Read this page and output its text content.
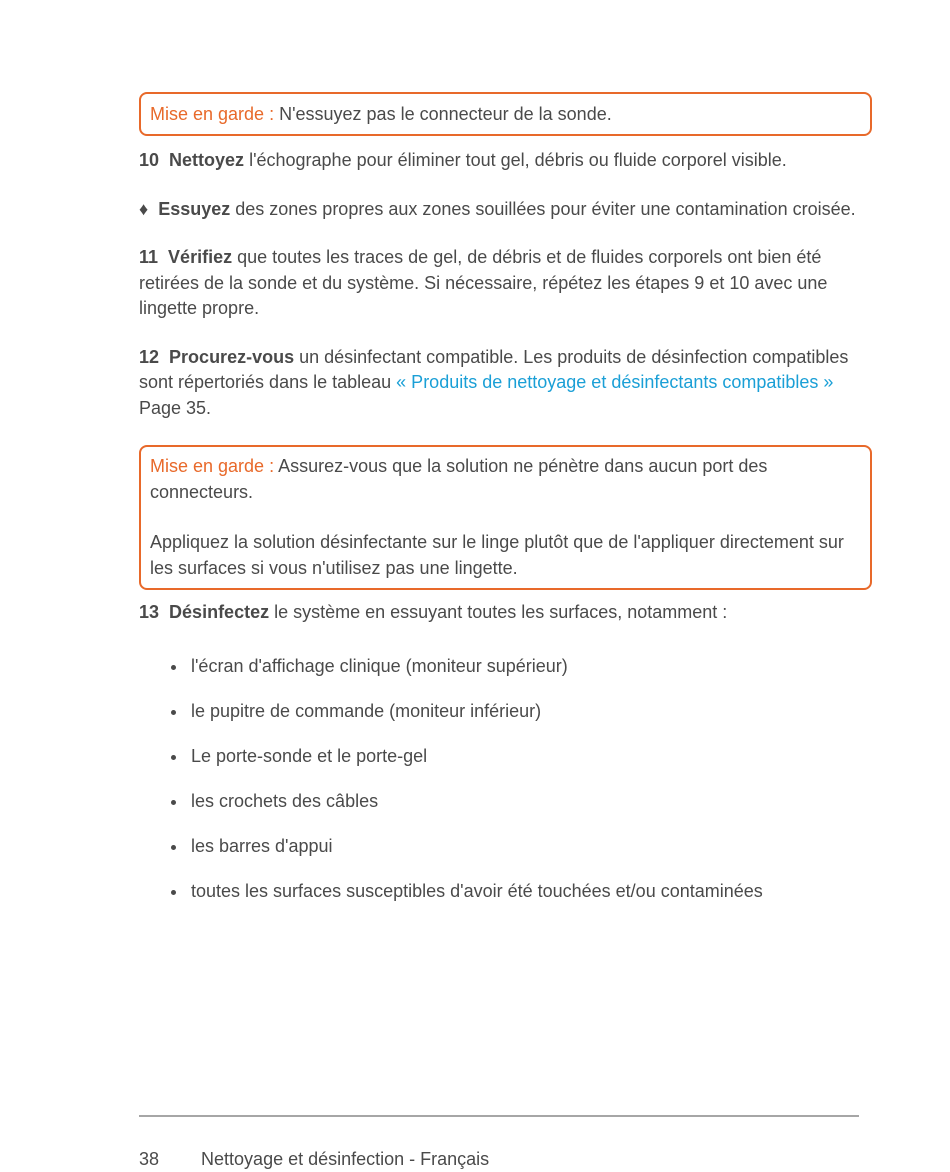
Mise en garde : N'essuyez pas le connecteur de la sonde.

10 Nettoyez l'échographe pour éliminer tout gel, débris ou fluide corporel visible.

♦ Essuyez des zones propres aux zones souillées pour éviter une contamination croisée.

11 Vérifiez que toutes les traces de gel, de débris et de fluides corporels ont bien été retirées de la sonde et du système. Si nécessaire, répétez les étapes 9 et 10 avec une lingette propre.

12 Procurez-vous un désinfectant compatible. Les produits de désinfection compatibles sont répertoriés dans le tableau « Produits de nettoyage et désinfectants compatibles » Page 35.

Mise en garde : Assurez-vous que la solution ne pénètre dans aucun port des connecteurs.
Appliquez la solution désinfectante sur le linge plutôt que de l'appliquer directement sur les surfaces si vous n'utilisez pas une lingette.

13 Désinfectez le système en essuyant toutes les surfaces, notamment :

l'écran d'affichage clinique (moniteur supérieur)
le pupitre de commande (moniteur inférieur)
Le porte-sonde et le porte-gel
les crochets des câbles
les barres d'appui
toutes les surfaces susceptibles d'avoir été touchées et/ou contaminées
38 Nettoyage et désinfection - Français
